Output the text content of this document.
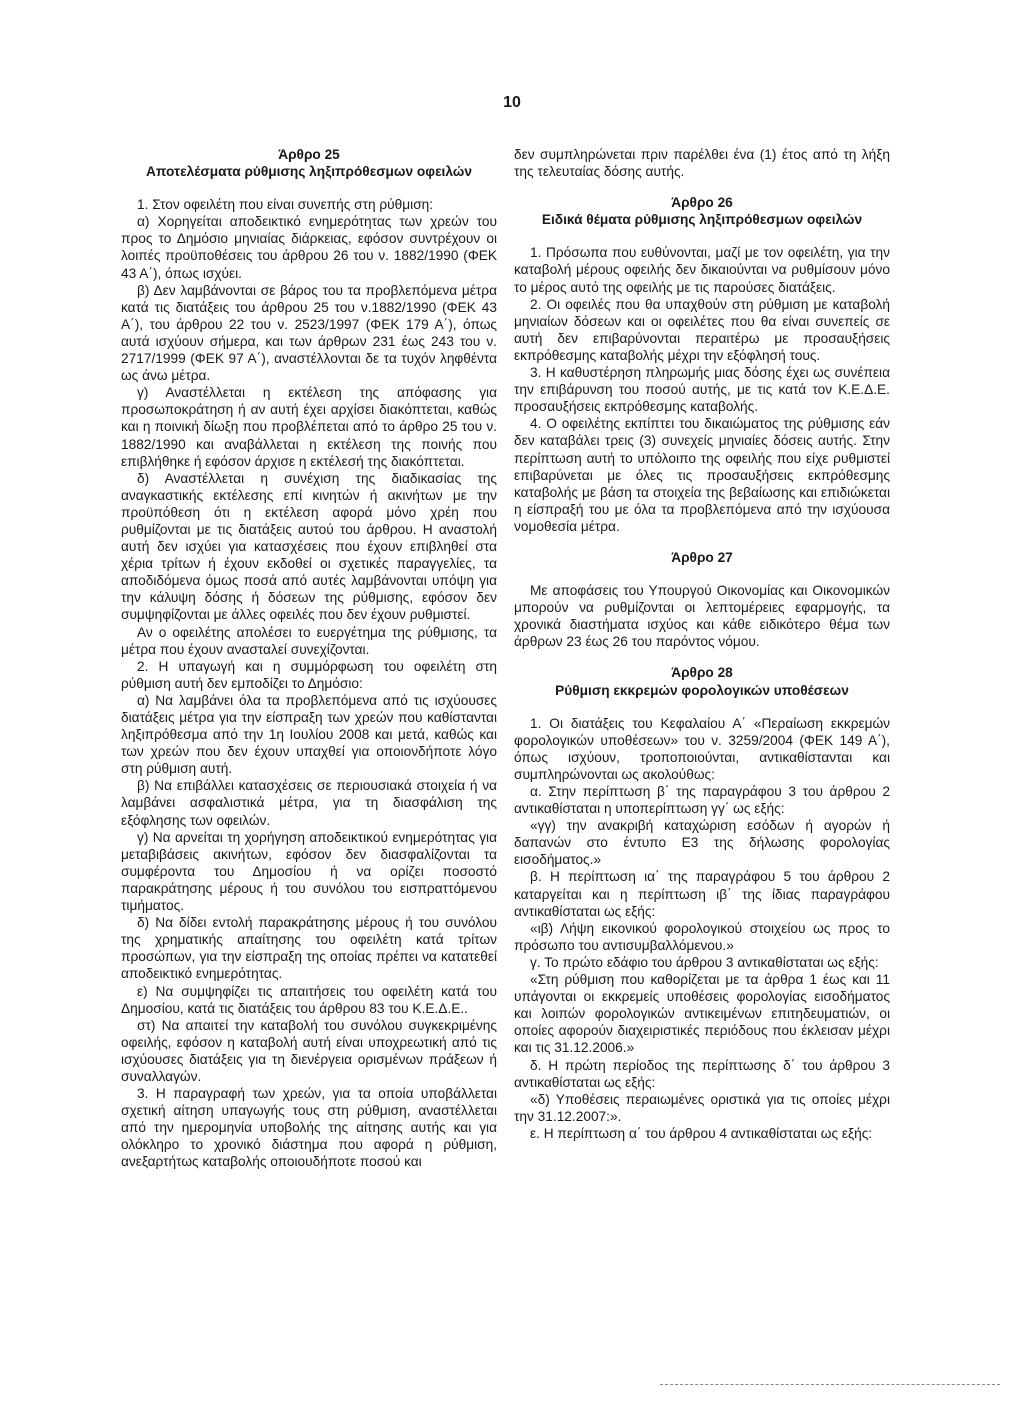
10
Άρθρο 25
Αποτελέσματα ρύθμισης ληξιπρόθεσμων οφειλών

1. Στον οφειλέτη που είναι συνεπής στη ρύθμιση:

α) Χορηγείται αποδεικτικό ενημερότητας των χρεών του προς το Δημόσιο μηνιαίας διάρκειας, εφόσον συντρέχουν οι λοιπές προϋποθέσεις του άρθρου 26 του ν. 1882/1990 (ΦΕΚ 43 Α΄), όπως ισχύει.

β) Δεν λαμβάνονται σε βάρος του τα προβλεπόμενα μέτρα κατά τις διατάξεις του άρθρου 25 του ν.1882/1990 (ΦΕΚ 43 Α΄), του άρθρου 22 του ν. 2523/1997 (ΦΕΚ 179 Α΄), όπως αυτά ισχύουν σήμερα, και των άρθρων 231 έως 243 του ν. 2717/1999 (ΦΕΚ 97 Α΄), αναστέλλονται δε τα τυχόν ληφθέντα ως άνω μέτρα.

γ) Αναστέλλεται η εκτέλεση της απόφασης για προσωποκράτηση ή αν αυτή έχει αρχίσει διακόπτεται, καθώς και η ποινική δίωξη που προβλέπεται από το άρθρο 25 του ν. 1882/1990 και αναβάλλεται η εκτέλεση της ποινής που επιβλήθηκε ή εφόσον άρχισε η εκτέλεσή της διακόπτεται.

δ) Αναστέλλεται η συνέχιση της διαδικασίας της αναγκαστικής εκτέλεσης επί κινητών ή ακινήτων με την προϋπόθεση ότι η εκτέλεση αφορά μόνο χρέη που ρυθμίζονται με τις διατάξεις αυτού του άρθρου. Η αναστολή αυτή δεν ισχύει για κατασχέσεις που έχουν επιβληθεί στα χέρια τρίτων ή έχουν εκδοθεί οι σχετικές παραγγελίες, τα αποδιδόμενα όμως ποσά από αυτές λαμβάνονται υπόψη για την κάλυψη δόσης ή δόσεων της ρύθμισης, εφόσον δεν συμψηφίζονται με άλλες οφειλές που δεν έχουν ρυθμιστεί.

Αν ο οφειλέτης απολέσει το ευεργέτημα της ρύθμισης, τα μέτρα που έχουν ανασταλεί συνεχίζονται.

2. Η υπαγωγή και η συμμόρφωση του οφειλέτη στη ρύθμιση αυτή δεν εμποδίζει το Δημόσιο:

α) Να λαμβάνει όλα τα προβλεπόμενα από τις ισχύουσες διατάξεις μέτρα για την είσπραξη των χρεών που καθίστανται ληξιπρόθεσμα από την 1η Ιουλίου 2008 και μετά, καθώς και των χρεών που δεν έχουν υπαχθεί για οποιονδήποτε λόγο στη ρύθμιση αυτή.

β) Να επιβάλλει κατασχέσεις σε περιουσιακά στοιχεία ή να λαμβάνει ασφαλιστικά μέτρα, για τη διασφάλιση της εξόφλησης των οφειλών.

γ) Να αρνείται τη χορήγηση αποδεικτικού ενημερότητας για μεταβιβάσεις ακινήτων, εφόσον δεν διασφαλίζονται τα συμφέροντα του Δημοσίου ή να ορίζει ποσοστό παρακράτησης μέρους ή του συνόλου του εισπραττόμενου τιμήματος.

δ) Να δίδει εντολή παρακράτησης μέρους ή του συνόλου της χρηματικής απαίτησης του οφειλέτη κατά τρίτων προσώπων, για την είσπραξη της οποίας πρέπει να κατατεθεί αποδεικτικό ενημερότητας.

ε) Να συμψηφίζει τις απαιτήσεις του οφειλέτη κατά του Δημοσίου, κατά τις διατάξεις του άρθρου 83 του Κ.Ε.Δ.Ε..

στ) Να απαιτεί την καταβολή του συνόλου συγκεκριμένης οφειλής, εφόσον η καταβολή αυτή είναι υποχρεωτική από τις ισχύουσες διατάξεις για τη διενέργεια ορισμένων πράξεων ή συναλλαγών.

3. Η παραγραφή των χρεών, για τα οποία υποβάλλεται σχετική αίτηση υπαγωγής τους στη ρύθμιση, αναστέλλεται από την ημερομηνία υποβολής της αίτησης αυτής και για ολόκληρο το χρονικό διάστημα που αφορά η ρύθμιση, ανεξαρτήτως καταβολής οποιουδήποτε ποσού και

δεν συμπληρώνεται πριν παρέλθει ένα (1) έτος από τη λήξη της τελευταίας δόσης αυτής.

Άρθρο 26
Ειδικά θέματα ρύθμισης ληξιπρόθεσμων οφειλών

1. Πρόσωπα που ευθύνονται, μαζί με τον οφειλέτη, για την καταβολή μέρους οφειλής δεν δικαιούνται να ρυθμίσουν μόνο το μέρος αυτό της οφειλής με τις παρούσες διατάξεις.

2. Οι οφειλές που θα υπαχθούν στη ρύθμιση με καταβολή μηνιαίων δόσεων και οι οφειλέτες που θα είναι συνεπείς σε αυτή δεν επιβαρύνονται περαιτέρω με προσαυξήσεις εκπρόθεσμης καταβολής μέχρι την εξόφλησή τους.

3. Η καθυστέρηση πληρωμής μιας δόσης έχει ως συνέπεια την επιβάρυνση του ποσού αυτής, με τις κατά τον Κ.Ε.Δ.Ε. προσαυξήσεις εκπρόθεσμης καταβολής.

4. Ο οφειλέτης εκπίπτει του δικαιώματος της ρύθμισης εάν δεν καταβάλει τρεις (3) συνεχείς μηνιαίες δόσεις αυτής. Στην περίπτωση αυτή το υπόλοιπο της οφειλής που είχε ρυθμιστεί επιβαρύνεται με όλες τις προσαυξήσεις εκπρόθεσμης καταβολής με βάση τα στοιχεία της βεβαίωσης και επιδιώκεται η είσπραξή του με όλα τα προβλεπόμενα από την ισχύουσα νομοθεσία μέτρα.

Άρθρο 27

Με αποφάσεις του Υπουργού Οικονομίας και Οικονομικών μπορούν να ρυθμίζονται οι λεπτομέρειες εφαρμογής, τα χρονικά διαστήματα ισχύος και κάθε ειδικότερο θέμα των άρθρων 23 έως 26 του παρόντος νόμου.

Άρθρο 28
Ρύθμιση εκκρεμών φορολογικών υποθέσεων

1. Οι διατάξεις του Κεφαλαίου Α΄ «Περαίωση εκκρεμών φορολογικών υποθέσεων» του ν. 3259/2004 (ΦΕΚ 149 Α΄), όπως ισχύουν, τροποποιούνται, αντικαθίστανται και συμπληρώνονται ως ακολούθως:

α. Στην περίπτωση β΄ της παραγράφου 3 του άρθρου 2 αντικαθίσταται η υποπερίπτωση γγ΄ ως εξής:

«γγ) την ανακριβή καταχώριση εσόδων ή αγορών ή δαπανών στο έντυπο Ε3 της δήλωσης φορολογίας εισοδήματος.»

β. Η περίπτωση ια΄ της παραγράφου 5 του άρθρου 2 καταργείται και η περίπτωση ιβ΄ της ίδιας παραγράφου αντικαθίσταται ως εξής:

«ιβ) Λήψη εικονικού φορολογικού στοιχείου ως προς το πρόσωπο του αντισυμβαλλόμενου.»

γ. Το πρώτο εδάφιο του άρθρου 3 αντικαθίσταται ως εξής:

«Στη ρύθμιση που καθορίζεται με τα άρθρα 1 έως και 11 υπάγονται οι εκκρεμείς υποθέσεις φορολογίας εισοδήματος και λοιπών φορολογικών αντικειμένων επιτηδευματιών, οι οποίες αφορούν διαχειριστικές περιόδους που έκλεισαν μέχρι και τις 31.12.2006.»

δ. Η πρώτη περίοδος της περίπτωσης δ΄ του άρθρου 3 αντικαθίσταται ως εξής:

«δ) Υποθέσεις περαιωμένες οριστικά για τις οποίες μέχρι την 31.12.2007:».

ε. Η περίπτωση α΄ του άρθρου 4 αντικαθίσταται ως εξής:
